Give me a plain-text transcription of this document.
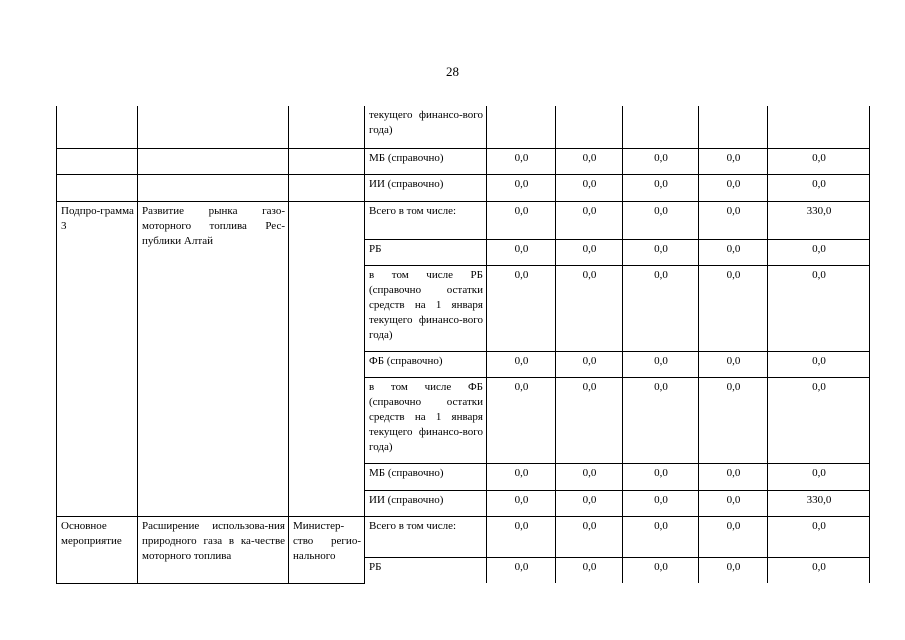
28
			текущего финансо-вого года)					
			МБ (справочно)	0,0	0,0	0,0	0,0	0,0
			ИИ (справочно)	0,0	0,0	0,0	0,0	0,0
Подпро-грамма 3	Развитие рынка газо-моторного топлива Рес-публики Алтай		Всего в том числе:	0,0	0,0	0,0	0,0	330,0
			РБ	0,0	0,0	0,0	0,0	0,0
			в том числе РБ (справочно остатки средств на 1 января текущего финансо-вого года)	0,0	0,0	0,0	0,0	0,0
			ФБ (справочно)	0,0	0,0	0,0	0,0	0,0
			в том числе ФБ (справочно остатки средств на 1 января текущего финансо-вого года)	0,0	0,0	0,0	0,0	0,0
			МБ (справочно)	0,0	0,0	0,0	0,0	0,0
			ИИ (справочно)	0,0	0,0	0,0	0,0	330,0
Основное мероприятие	Расширение использова-ния природного газа в ка-честве моторного топлива	Министер-ство регио-нального	Всего в том числе:	0,0	0,0	0,0	0,0	0,0
			РБ	0,0	0,0	0,0	0,0	0,0
